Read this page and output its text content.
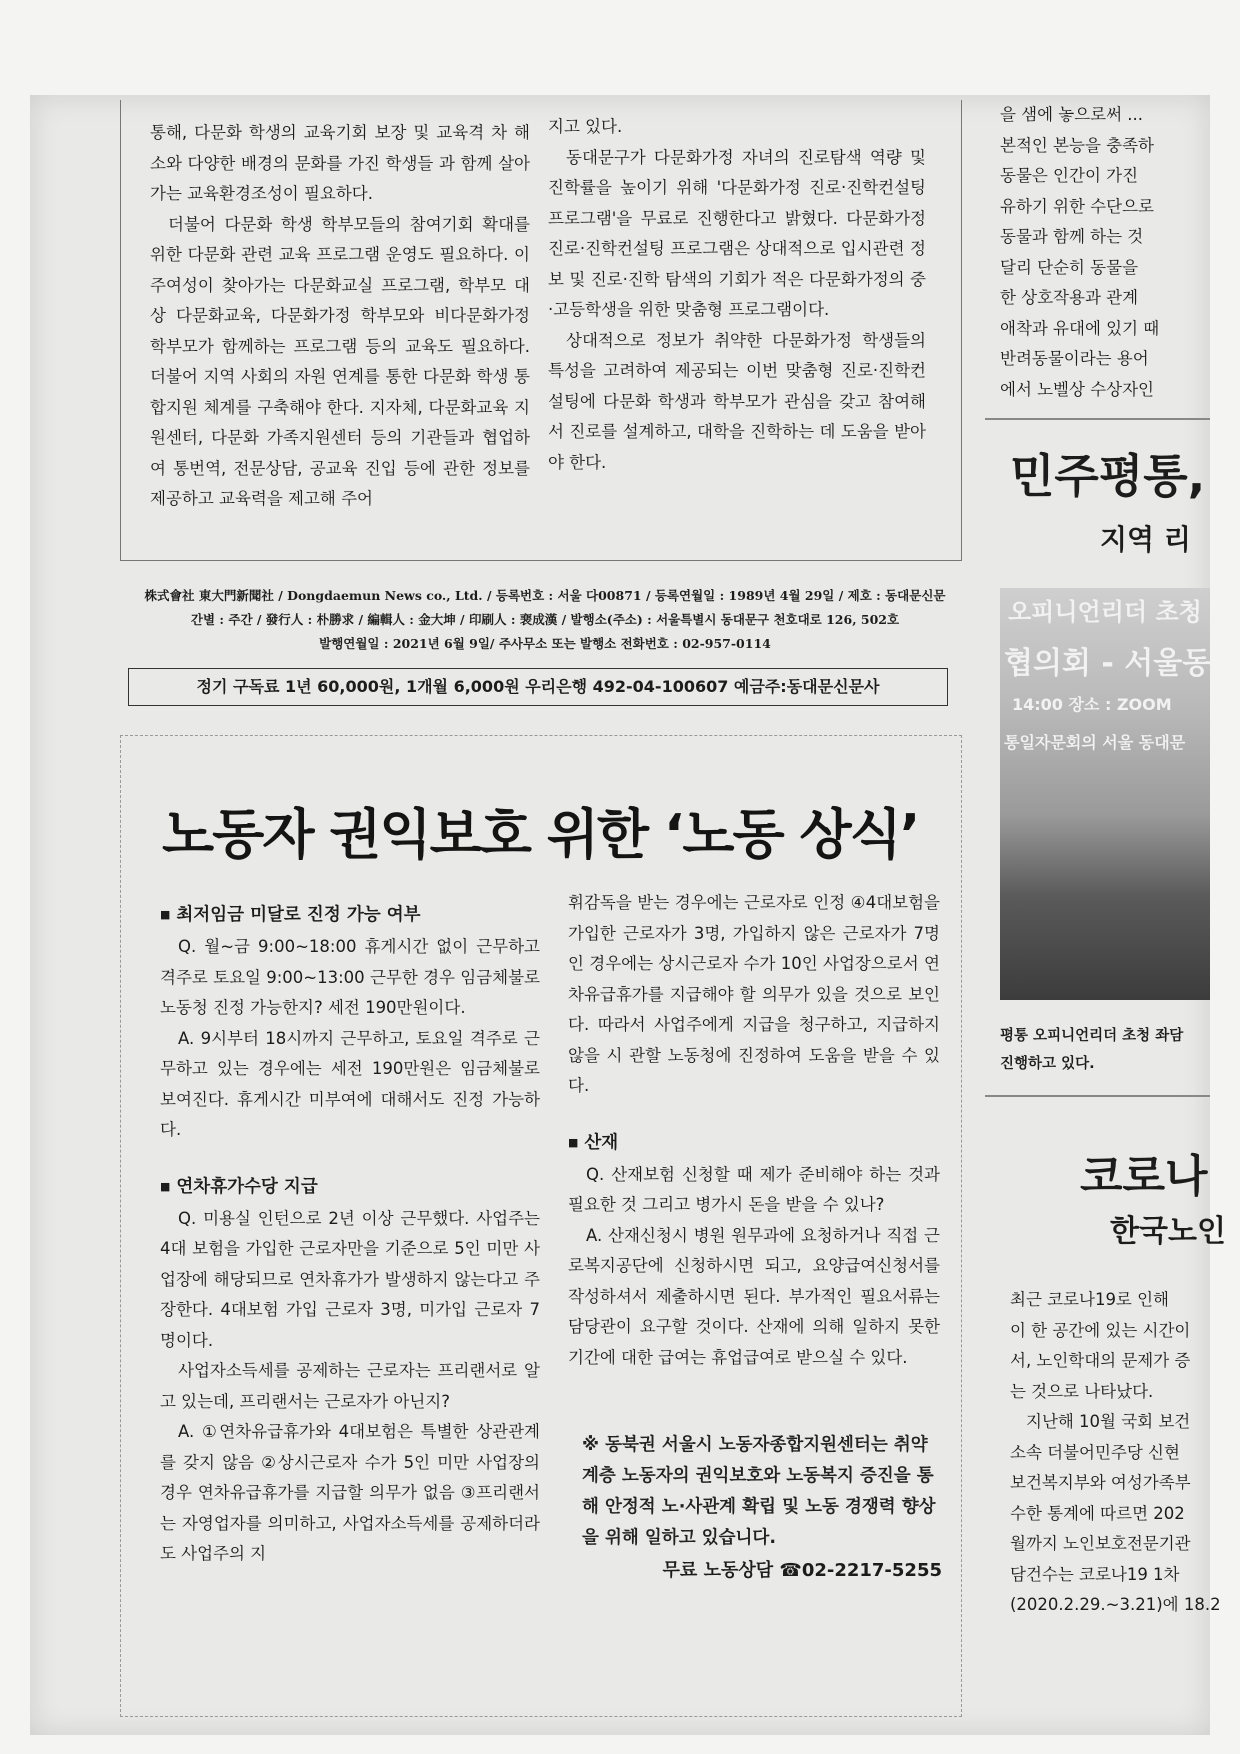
통해, 다문화 학생의 교육기회 보장 및 교육격 차 해소와 다양한 배경의 문화를 가진 학생들 과 함께 살아가는 교육환경조성이 필요하다.

더불어 다문화 학생 학부모들의 참여기회 확대를 위한 다문화 관련 교육 프로그램 운영도 필요하다. 이주여성이 찾아가는 다문화교실 프로그램, 학부모 대상 다문화교육, 다문화가정 학부모와 비다문화가정 학부모가 함께하는 프로그램 등의 교육도 필요하다. 더불어 지역 사회의 자원 연계를 통한 다문화 학생 통합지원 체계를 구축해야 한다. 지자체, 다문화교육 지원센터, 다문화 가족지원센터 등의 기관들과 협업하여 통번역, 전문상담, 공교육 진입 등에 관한 정보를 제공하고 교육력을 제고해 주어

지고 있다.

동대문구가 다문화가정 자녀의 진로탐색 역량 및 진학률을 높이기 위해 '다문화가정 진로·진학컨설팅 프로그램'을 무료로 진행한다고 밝혔다. 다문화가정 진로·진학컨설팅 프로그램은 상대적으로 입시관련 정보 및 진로·진학 탐색의 기회가 적은 다문화가정의 중·고등학생을 위한 맞춤형 프로그램이다.

상대적으로 정보가 취약한 다문화가정 학생들의 특성을 고려하여 제공되는 이번 맞춤형 진로·진학컨설팅에 다문화 학생과 학부모가 관심을 갖고 참여해서 진로를 설계하고, 대학을 진학하는 데 도움을 받아야 한다.

을 샘에 놓으로써 ...

본적인 본능을 충족하

동물은 인간이 가진

유하기 위한 수단으로

동물과 함께 하는 것

달리 단순히 동물을

한 상호작용과 관계

애착과 유대에 있기 때

반려동물이라는 용어

에서 노벨상 수상자인

민주평통,
지역 리
오피니언리더 초청
협의회 - 서울동
14:00 장소 : ZOOM
통일자문회의 서울 동대문
평통 오피니언리더 초청 좌담
진행하고 있다.
株式會社 東大門新聞社 / Dongdaemun News co., Ltd. / 등록번호 : 서울 다00871 / 등록연월일 : 1989년 4월 29일 / 제호 : 동대문신문
간별 : 주간 / 發行人 : 朴勝求 / 編輯人 : 金大坤 / 印刷人 : 裵成漢 / 발행소(주소) : 서울특별시 동대문구 천호대로 126, 502호
발행연월일 : 2021년 6월 9일/ 주사무소 또는 발행소 전화번호 : 02-957-0114
정기 구독료 1년 60,000원, 1개월 6,000원 우리은행 492-04-100607 예금주:동대문신문사
노동자 권익보호 위한 ‘노동 상식’
■ 최저임금 미달로 진정 가능 여부

Q. 월~금 9:00~18:00 휴게시간 없이 근무하고 격주로 토요일 9:00~13:00 근무한 경우 임금체불로 노동청 진정 가능한지? 세전 190만원이다.

A. 9시부터 18시까지 근무하고, 토요일 격주로 근무하고 있는 경우에는 세전 190만원은 임금체불로 보여진다. 휴게시간 미부여에 대해서도 진정 가능하다.

■ 연차휴가수당 지급

Q. 미용실 인턴으로 2년 이상 근무했다. 사업주는 4대 보험을 가입한 근로자만을 기준으로 5인 미만 사업장에 해당되므로 연차휴가가 발생하지 않는다고 주장한다. 4대보험 가입 근로자 3명, 미가입 근로자 7명이다.

사업자소득세를 공제하는 근로자는 프리랜서로 알고 있는데, 프리랜서는 근로자가 아닌지?

A. ①연차유급휴가와 4대보험은 특별한 상관관계를 갖지 않음 ②상시근로자 수가 5인 미만 사업장의 경우 연차유급휴가를 지급할 의무가 없음 ③프리랜서는 자영업자를 의미하고, 사업자소득세를 공제하더라도 사업주의 지

휘감독을 받는 경우에는 근로자로 인정 ④4대보험을 가입한 근로자가 3명, 가입하지 않은 근로자가 7명인 경우에는 상시근로자 수가 10인 사업장으로서 연차유급휴가를 지급해야 할 의무가 있을 것으로 보인다. 따라서 사업주에게 지급을 청구하고, 지급하지 않을 시 관할 노동청에 진정하여 도움을 받을 수 있다.

■ 산재

Q. 산재보험 신청할 때 제가 준비해야 하는 것과 필요한 것 그리고 병가시 돈을 받을 수 있나?

A. 산재신청시 병원 원무과에 요청하거나 직접 근로복지공단에 신청하시면 되고, 요양급여신청서를 작성하셔서 제출하시면 된다. 부가적인 필요서류는 담당관이 요구할 것이다. 산재에 의해 일하지 못한 기간에 대한 급여는 휴업급여로 받으실 수 있다.

※ 동북권 서울시 노동자종합지원센터는 취약계층 노동자의 권익보호와 노동복지 증진을 통해 안정적 노·사관계 확립 및 노동 경쟁력 향상을 위해 일하고 있습니다.
무료 노동상담 ☎02-2217-5255
코로나
한국노인

최근 코로나19로 인해

이 한 공간에 있는 시간이

서, 노인학대의 문제가 증

는 것으로 나타났다.

지난해 10월 국회 보건

소속 더불어민주당 신현

보건복지부와 여성가족부

수한 통계에 따르면 202

월까지 노인보호전문기관

담건수는 코로나19 1차

(2020.2.29.~3.21)에 18.2
